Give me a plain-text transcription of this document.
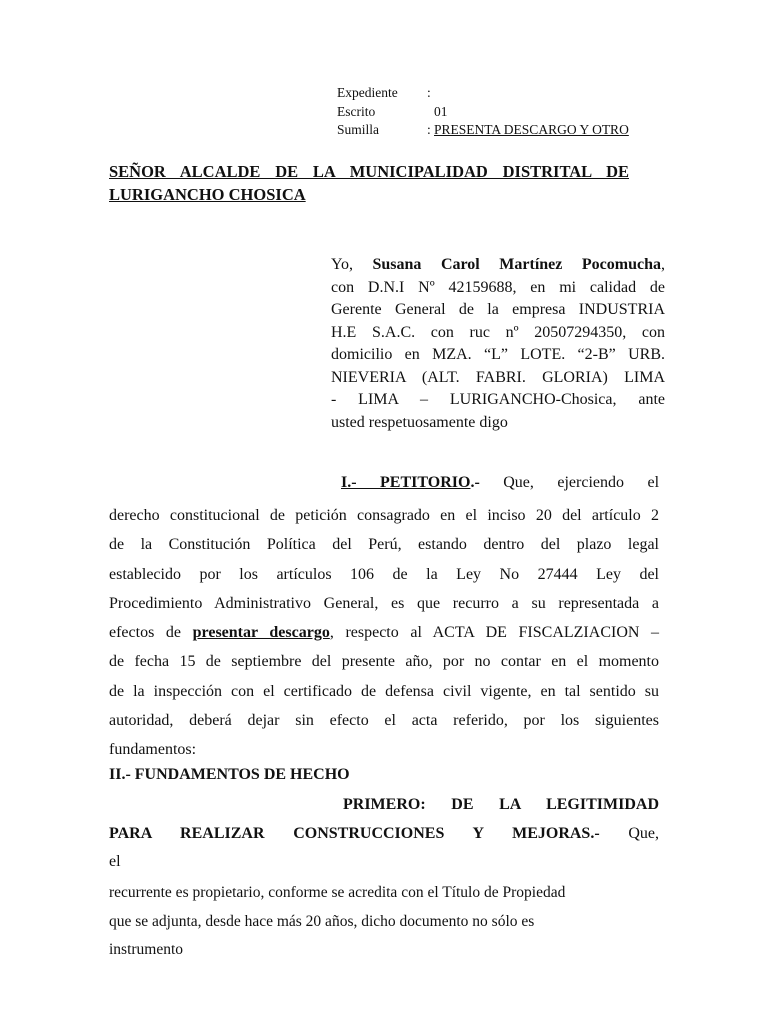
Expediente :
Escrito	01
Sumilla	: PRESENTA DESCARGO Y OTRO
SEÑOR ALCALDE DE LA MUNICIPALIDAD DISTRITAL DE
LURIGANCHO CHOSICA
Yo, Susana Carol Martínez Pocomucha,
con D.N.I Nº 42159688, en mi calidad de
Gerente General de la empresa INDUSTRIA
H.E S.A.C. con ruc nº 20507294350, con
domicilio en MZA. “L” LOTE. “2-B” URB.
NIEVERIA (ALT. FABRI. GLORIA) LIMA
- LIMA – LURIGANCHO-Chosica, ante
usted respetuosamente digo
I.- PETITORIO.- Que, ejerciendo el
derecho constitucional de petición consagrado en el inciso 20 del artículo 2
de la Constitución Política del Perú, estando dentro del plazo legal
establecido por los artículos 106 de la Ley No 27444 Ley del
Procedimiento Administrativo General, es que recurro a su representada a
efectos de presentar descargo, respecto al ACTA DE FISCALZIACION –
de fecha 15 de septiembre del presente año, por no contar en el momento
de la inspección con el certificado de defensa civil vigente, en tal sentido su
autoridad, deberá dejar sin efecto el acta referido, por los siguientes
fundamentos:
II.- FUNDAMENTOS DE HECHO
PRIMERO: DE LA LEGITIMIDAD
PARA REALIZAR CONSTRUCCIONES Y MEJORAS.- Que,
el
recurrente es propietario, conforme se acredita con el Título de Propiedad
que se adjunta, desde hace más 20 años, dicho documento no sólo es
instrumento
